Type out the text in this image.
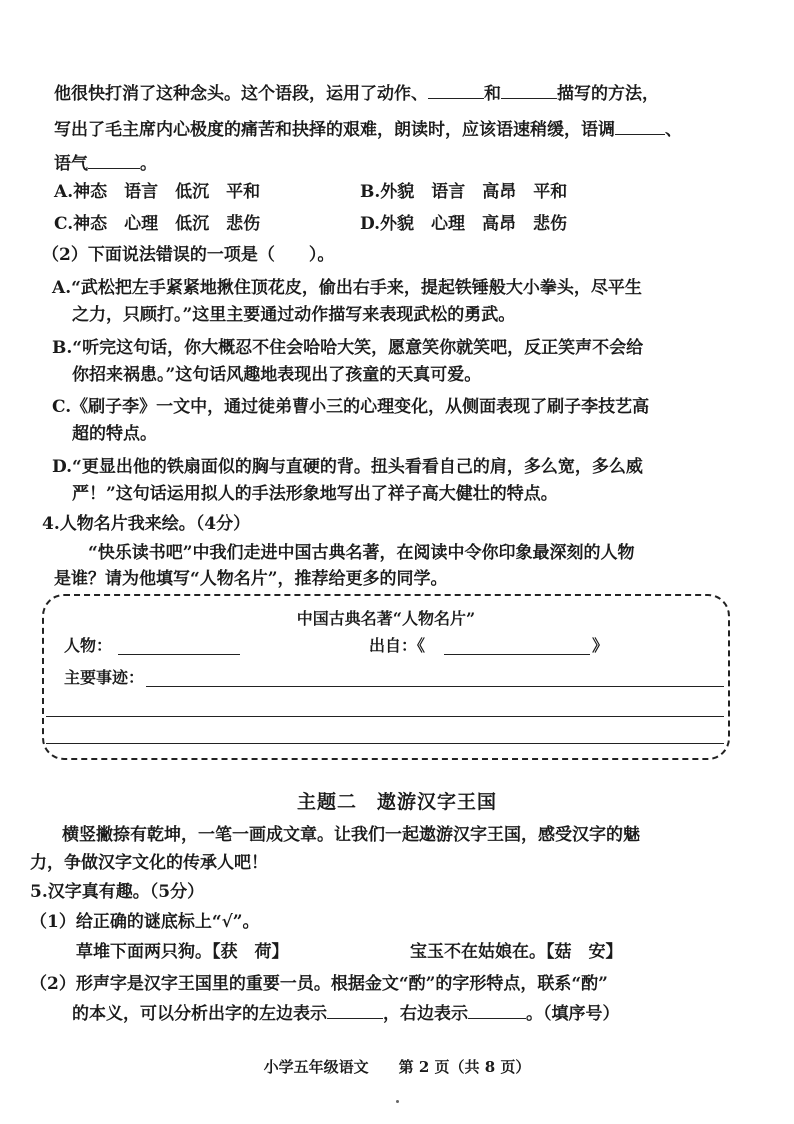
他很快打消了这种念头。这个语段，运用了动作、	和	描写的方法，
写出了毛主席内心极度的痛苦和抉择的艰难，朗读时，应该语速稍缓，语调	、
语气	。
A.神态　语言　低沉　平和	B.外貌　语言　高昂　平和
C.神态　心理　低沉　悲伤	D.外貌　心理　高昂　悲伤
（2）下面说法错误的一项是（　　）。
A.“武松把左手紧紧地揪住顶花皮，偷出右手来，提起铁锤般大小拳头，尽平生
之力，只顾打。”这里主要通过动作描写来表现武松的勇武。
B.“听完这句话，你大概忍不住会哈哈大笑，愿意笑你就笑吧，反正笑声不会给
你招来祸患。”这句话风趣地表现出了孩童的天真可爱。
C.《刷子李》一文中，通过徒弟曹小三的心理变化，从侧面表现了刷子李技艺高
超的特点。
D.“更显出他的铁扇面似的胸与直硬的背。扭头看看自己的肩，多么宽，多么威
严！”这句话运用拟人的手法形象地写出了祥子高大健壮的特点。
4.人物名片我来绘。（4分）
“快乐读书吧”中我们走进中国古典名著，在阅读中令你印象最深刻的人物
是谁？请为他填写“人物名片”，推荐给更多的同学。
中国古典名著“人物名片”
人物：	出自：《	》
主要事迹：
主题二　遨游汉字王国
横竖撇捺有乾坤，一笔一画成文章。让我们一起遨游汉字王国，感受汉字的魅
力，争做汉字文化的传承人吧！
5.汉字真有趣。（5分）
（1）给正确的谜底标上“√”。
草堆下面两只狗。【获　荷】	宝玉不在姑娘在。【菇　安】
（2）形声字是汉字王国里的重要一员。根据金文“酌”的字形特点，联系“酌”
的本义，可以分析出字的左边表示	，右边表示	。（填序号）
小学五年级语文　　第 2 页（共 8 页）
